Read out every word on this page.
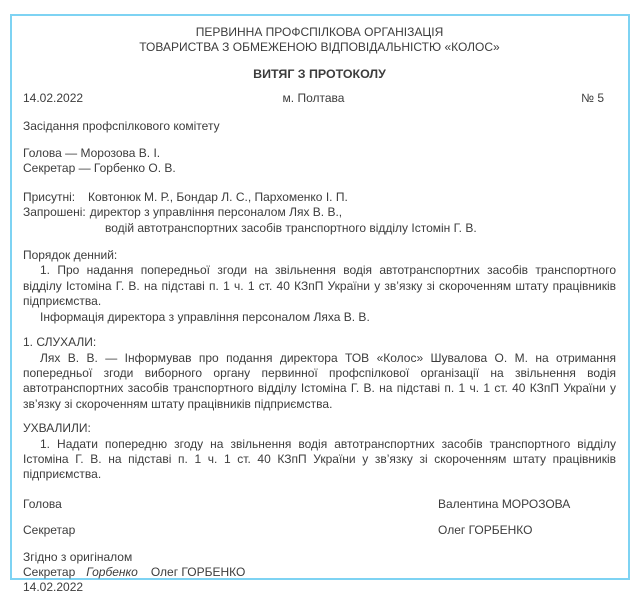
ПЕРВИННА ПРОФСПІЛКОВА ОРГАНІЗАЦІЯ
ТОВАРИСТВА З ОБМЕЖЕНОЮ ВІДПОВІДАЛЬНІСТЮ «КОЛОС»
ВИТЯГ З ПРОТОКОЛУ
14.02.2022	м. Полтава	№ 5
Засідання профспілкового комітету
Голова — Морозова В. І.
Секретар — Горбенко О. В.
Присутні: Ковтонюк М. Р., Бондар Л. С., Пархоменко І. П.
Запрошені: директор з управління персоналом Лях В. В.,
водій автотранспортних засобів транспортного відділу Істомін Г. В.
Порядок денний:
1. Про надання попередньої згоди на звільнення водія автотранспортних засобів транспортного відділу Істоміна Г. В. на підставі п. 1 ч. 1 ст. 40 КЗпП України у зв’язку зі скороченням штату працівників підприємства.
Інформація директора з управління персоналом Ляха В. В.
1. СЛУХАЛИ:
Лях В. В. — Інформував про подання директора ТОВ «Колос» Шувалова О. М. на отримання попередньої згоди виборного органу первинної профспілкової організації на звільнення водія автотранспортних засобів транспортного відділу Істоміна Г. В. на підставі п. 1 ч. 1 ст. 40 КЗпП України у зв’язку зі скороченням штату працівників підприємства.
УХВАЛИЛИ:
1. Надати попередню згоду на звільнення водія автотранспортних засобів транспортного відділу Істоміна Г. В. на підставі п. 1 ч. 1 ст. 40 КЗпП України у зв’язку зі скороченням штату працівників підприємства.
Голова	Валентина МОРОЗОВА
Секретар	Олег ГОРБЕНКО
Згідно з оригіналом
Секретар Горбенко Олег ГОРБЕНКО
14.02.2022
